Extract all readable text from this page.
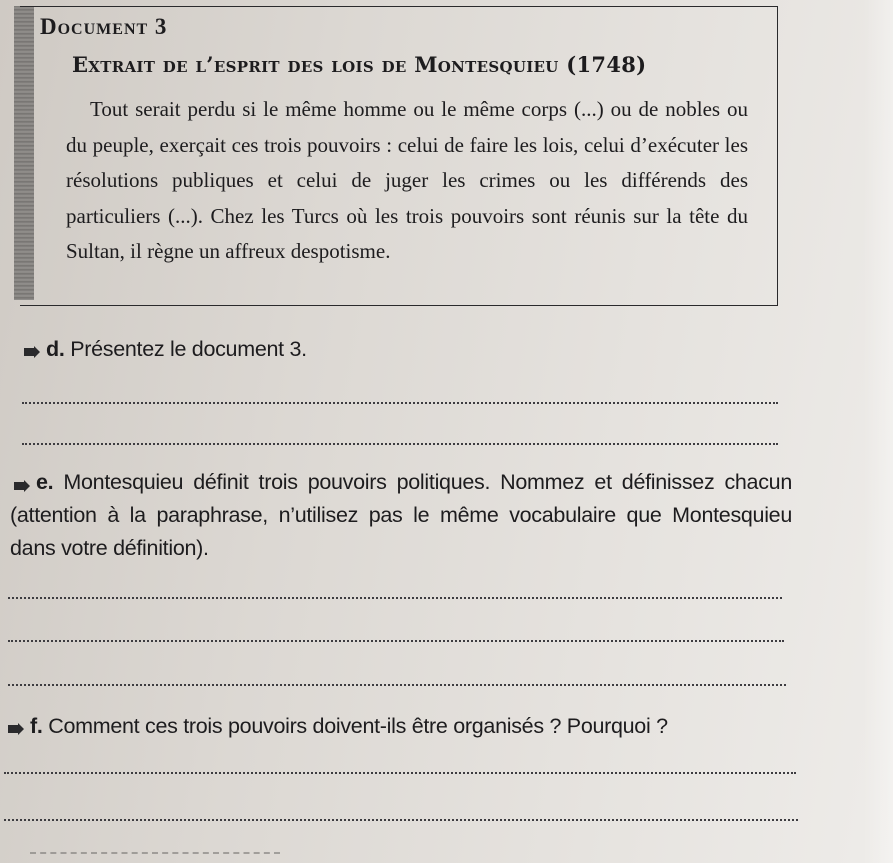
Document 3
Extrait de l’esprit des lois de Montesquieu (1748)

Tout serait perdu si le même homme ou le même corps (...) ou de nobles ou du peuple, exerçait ces trois pouvoirs : celui de faire les lois, celui d’exécuter les résolutions publiques et celui de juger les crimes ou les différends des particuliers (...). Chez les Turcs où les trois pouvoirs sont réunis sur la tête du Sultan, il règne un affreux despotisme.

d. Présentez le document 3.

e. Montesquieu définit trois pouvoirs politiques. Nommez et définissez chacun (attention à la paraphrase, n’utilisez pas le même vocabulaire que Montesquieu dans votre définition).

f. Comment ces trois pouvoirs doivent-ils être organisés ? Pourquoi ?
